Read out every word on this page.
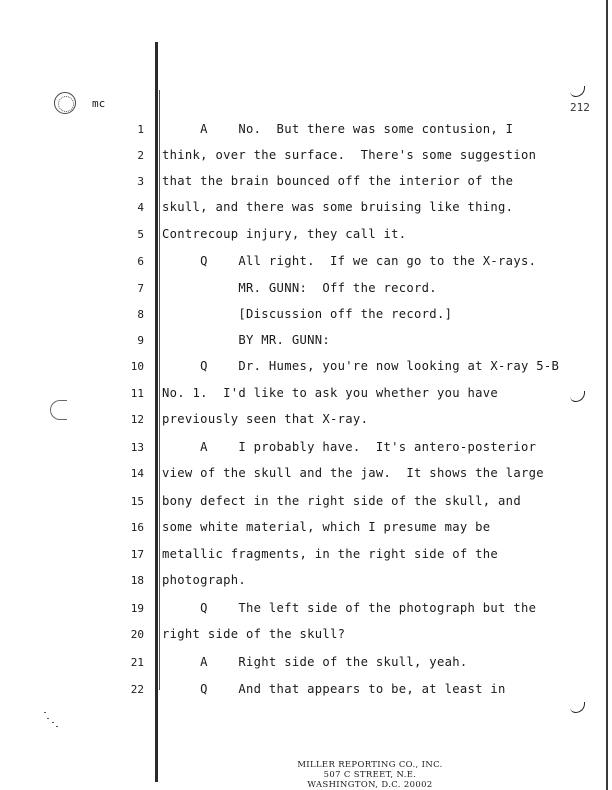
mc	212
1 A    No.  But there was some contusion, I
2 think, over the surface.  There's some suggestion
3 that the brain bounced off the interior of the
4 skull, and there was some bruising like thing.
5 Contrecoup injury, they call it.
6 Q    All right.  If we can go to the X-rays.
7 MR. GUNN:  Off the record.
8 [Discussion off the record.]
9 BY MR. GUNN:
10 Q    Dr. Humes, you're now looking at X-ray 5-B
11 No. 1.  I'd like to ask you whether you have
12 previously seen that X-ray.
13 A    I probably have.  It's antero-posterior
14 view of the skull and the jaw.  It shows the large
15 bony defect in the right side of the skull, and
16 some white material, which I presume may be
17 metallic fragments, in the right side of the
18 photograph.
19 Q    The left side of the photograph but the
20 right side of the skull?
21 A    Right side of the skull, yeah.
22 Q    And that appears to be, at least in
MILLER REPORTING CO., INC.
507 C STREET, N.E.
WASHINGTON, D.C. 20002
